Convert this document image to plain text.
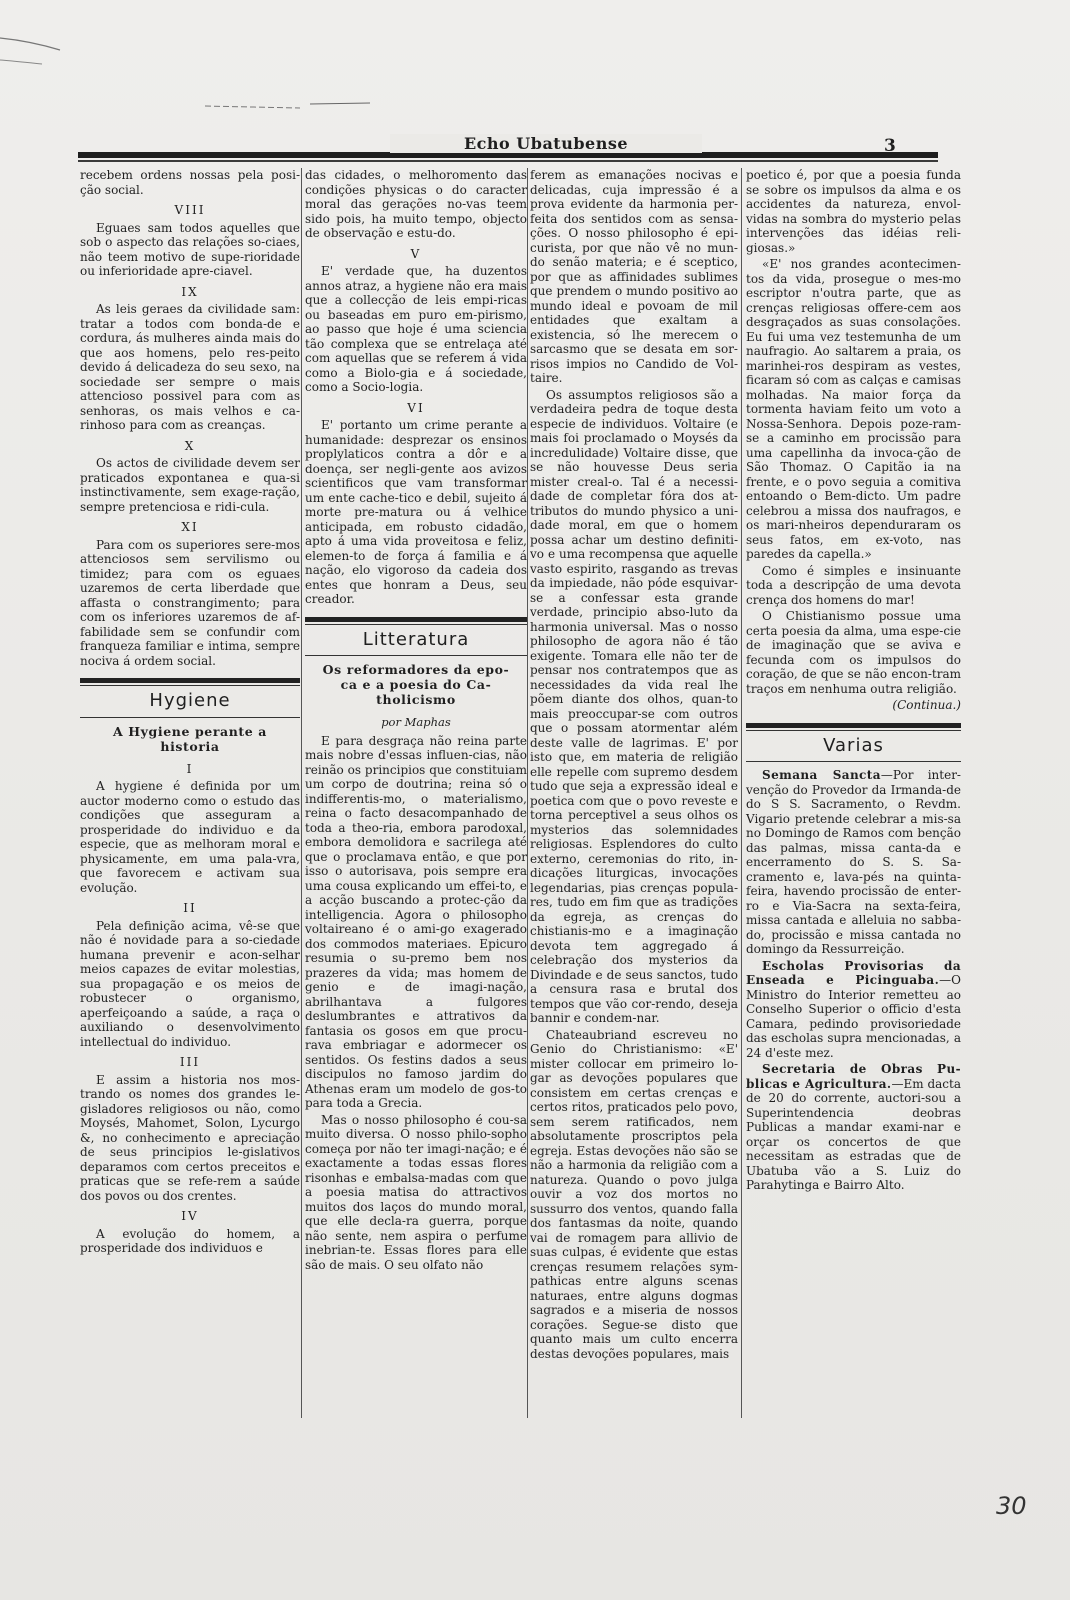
Echo Ubatubense	3

recebem ordens nossas pela posi-ção social.

VIII

Eguaes sam todos aquelles que sob o aspecto das relações so-ciaes, não teem motivo de supe-rioridade ou inferioridade apre-ciavel.

IX

As leis geraes da civilidade sam: tratar a todos com bonda-de e cordura, ás mulheres ainda mais do que aos homens, pelo res-peito devido á delicadeza do seu sexo, na sociedade ser sempre o mais attencioso possivel para com as senhoras, os mais velhos e ca-rinhoso para com as creanças.

X

Os actos de civilidade devem ser praticados expontanea e qua-si instinctivamente, sem exage-ração, sempre pretenciosa e ridi-cula.

XI

Para com os superiores sere-mos attenciosos sem servilismo ou timidez; para com os eguaes uzaremos de certa liberdade que affasta o constrangimento; para com os inferiores uzaremos de af-fabilidade sem se confundir com franqueza familiar e intima, sempre nociva á ordem social.

Hygiene
A Hygiene perante a historia
I

A hygiene é definida por um auctor moderno como o estudo das condições que asseguram a prosperidade do individuo e da especie, que as melhoram moral e physicamente, em uma pala-vra, que favorecem e activam sua evolução.

II

Pela definição acima, vê-se que não é novidade para a so-ciedade humana prevenir e acon-selhar meios capazes de evitar molestias, sua propagação e os meios de robustecer o organismo, aperfeiçoando a saúde, a raça o auxiliando o desenvolvimento intellectual do individuo.

III

E assim a historia nos mos-trando os nomes dos grandes le-gisladores religiosos ou não, como Moysés, Mahomet, Solon, Lycurgo &, no conhecimento e apreciação de seus principios le-gislativos deparamos com certos preceitos e praticas que se refe-rem a saúde dos povos ou dos crentes.

IV

A evolução do homem, a prosperidade dos individuos e

das cidades, o melhoromento das condições physicas o do caracter moral das gerações no-vas teem sido pois, ha muito tempo, objecto de observação e estu-do.

V

E' verdade que, ha duzentos annos atraz, a hygiene não era mais que a collecção de leis empi-ricas ou baseadas em puro em-pirismo, ao passo que hoje é uma sciencia tão complexa que se entrelaça até com aquellas que se referem á vida como a Biolo-gia e á sociedade, como a Socio-logia.

VI

E' portanto um crime perante a humanidade: desprezar os ensinos proplylaticos contra a dôr e a doença, ser negli-gente aos avizos scientificos que vam transformar um ente cache-tico e debil, sujeito á morte pre-matura ou á velhice anticipada, em robusto cidadão, apto á uma vida proveitosa e feliz, elemen-to de força á familia e á nação, elo vigoroso da cadeia dos entes que honram a Deus, seu creador.

Litteratura
Os reformadores da epo-ca e a poesia do Ca-tholicismo
por Maphas

E para desgraça não reina parte mais nobre d'essas influen-cias, não reinão os principios que constituiam um corpo de doutrina; reina só o indifferentis-mo, o materialismo, reina o facto desacompanhado de toda a theo-ria, embora parodoxal, embora demolidora e sacrilega até que o proclamava então, e que por isso o autorisava, pois sempre era uma cousa explicando um effei-to, e a acção buscando a protec-ção da intelligencia. Agora o philosopho voltaireano é o ami-go exagerado dos commodos materiaes. Epicuro resumia o su-premo bem nos prazeres da vida; mas homem de genio e de imagi-nação, abrilhantava a fulgores deslumbrantes e attrativos da fantasia os gosos em que procu-rava embriagar e adormecer os sentidos. Os festins dados a seus discipulos no famoso jardim do Athenas eram um modelo de gos-to para toda a Grecia.

Mas o nosso philosopho é cou-sa muito diversa. O nosso philo-sopho começa por não ter imagi-nação; e é exactamente a todas essas flores risonhas e embalsa-madas com que a poesia matisa do attractivos muitos dos laços do mundo moral, que elle decla-ra guerra, porque não sente, nem aspira o perfume inebrian-te. Essas flores para elle são de mais. O seu olfato não

ferem as emanações nocivas e delicadas, cuja impressão é a prova evidente da harmonia per-feita dos sentidos com as sensa-ções. O nosso philosopho é epi-curista, por que não vê no mun-do senão materia; e é sceptico, por que as affinidades sublimes que prendem o mundo positivo ao mundo ideal e povoam de mil entidades que exaltam a existencia, só lhe merecem o sarcasmo que se desata em sor-risos impios no Candido de Vol-taire.

Os assumptos religiosos são a verdadeira pedra de toque desta especie de individuos. Voltaire (e mais foi proclamado o Moysés da incredulidade) Voltaire disse, que se não houvesse Deus seria mister creal-o. Tal é a necessi-dade de completar fóra dos at-tributos do mundo physico a uni-dade moral, em que o homem possa achar um destino definiti-vo e uma recompensa que aquelle vasto espirito, rasgando as trevas da impiedade, não póde esquivar-se a confessar esta grande verdade, principio abso-luto da harmonia universal. Mas o nosso philosopho de agora não é tão exigente. Tomara elle não ter de pensar nos contratempos que as necessidades da vida real lhe põem diante dos olhos, quan-to mais preoccupar-se com outros que o possam atormentar além deste valle de lagrimas. E' por isto que, em materia de religião elle repelle com supremo desdem tudo que seja a expressão ideal e poetica com que o povo reveste e torna perceptivel a seus olhos os mysterios das solemnidades religiosas. Esplendores do culto externo, ceremonias do rito, in-dicações liturgicas, invocações legendarias, pias crenças popula-res, tudo em fim que as tradições da egreja, as crenças do chistianis-mo e a imaginação devota tem aggregado á celebração dos mysterios da Divindade e de seus sanctos, tudo a censura rasa e brutal dos tempos que vão cor-rendo, deseja bannir e condem-nar.

Chateaubriand escreveu no Genio do Christianismo: «E' mister collocar em primeiro lo-gar as devoções populares que consistem em certas crenças e certos ritos, praticados pelo povo, sem serem ratificados, nem absolutamente proscriptos pela egreja. Estas devoções não são se não a harmonia da religião com a natureza. Quando o povo julga ouvir a voz dos mortos no sussurro dos ventos, quando falla dos fantasmas da noite, quando vai de romagem para allivio de suas culpas, é evidente que estas crenças resumem relações sym-pathicas entre alguns scenas naturaes, entre alguns dogmas sagrados e a miseria de nossos corações. Segue-se disto que quanto mais um culto encerra destas devoções populares, mais

poetico é, por que a poesia funda se sobre os impulsos da alma e os accidentes da natureza, envol-vidas na sombra do mysterio pelas intervenções das idéias reli-giosas.»

«E' nos grandes acontecimen-tos da vida, prosegue o mes-mo escriptor n'outra parte, que as crenças religiosas offere-cem aos desgraçados as suas consolações. Eu fui uma vez testemunha de um naufragio. Ao saltarem a praia, os marinhei-ros despiram as vestes, ficaram só com as calças e camisas molhadas. Na maior força da tormenta haviam feito um voto a Nossa-Senhora. Depois poze-ram-se a caminho em procissão para uma capellinha da invoca-ção de São Thomaz. O Capitão ia na frente, e o povo seguia a comitiva entoando o Bem-dicto. Um padre celebrou a missa dos naufragos, e os mari-nheiros dependuraram os seus fatos, em ex-voto, nas paredes da capella.»

Como é simples e insinuante toda a descripção de uma devota crença dos homens do mar!

O Chistianismo possue uma certa poesia da alma, uma espe-cie de imaginação que se aviva e fecunda com os impulsos do coração, de que se não encon-tram traços em nenhuma outra religião.

(Continua.)
Varias

Semana Sancta—Por inter-venção do Provedor da Irmanda-de do S S. Sacramento, o Revdm. Vigario pretende celebrar a mis-sa no Domingo de Ramos com benção das palmas, missa canta-da e encerramento do S. S. Sa-cramento e, lava-pés na quinta-feira, havendo procissão de enter-ro e Via-Sacra na sexta-feira, missa cantada e alleluia no sabba-do, procissão e missa cantada no domingo da Ressurreição.

Escholas Provisorias da Enseada e Picinguaba.—O Ministro do Interior remetteu ao Conselho Superior o officio d'esta Camara, pedindo provisoriedade das escholas supra mencionadas, a 24 d'este mez.

Secretaria de Obras Pu-blicas e Agricultura.—Em dacta de 20 do corrente, auctori-sou a Superintendencia deobras Publicas a mandar exami-nar e orçar os concertos de que necessitam as estradas que de Ubatuba vão a S. Luiz do Parahytinga e Bairro Alto.

30
